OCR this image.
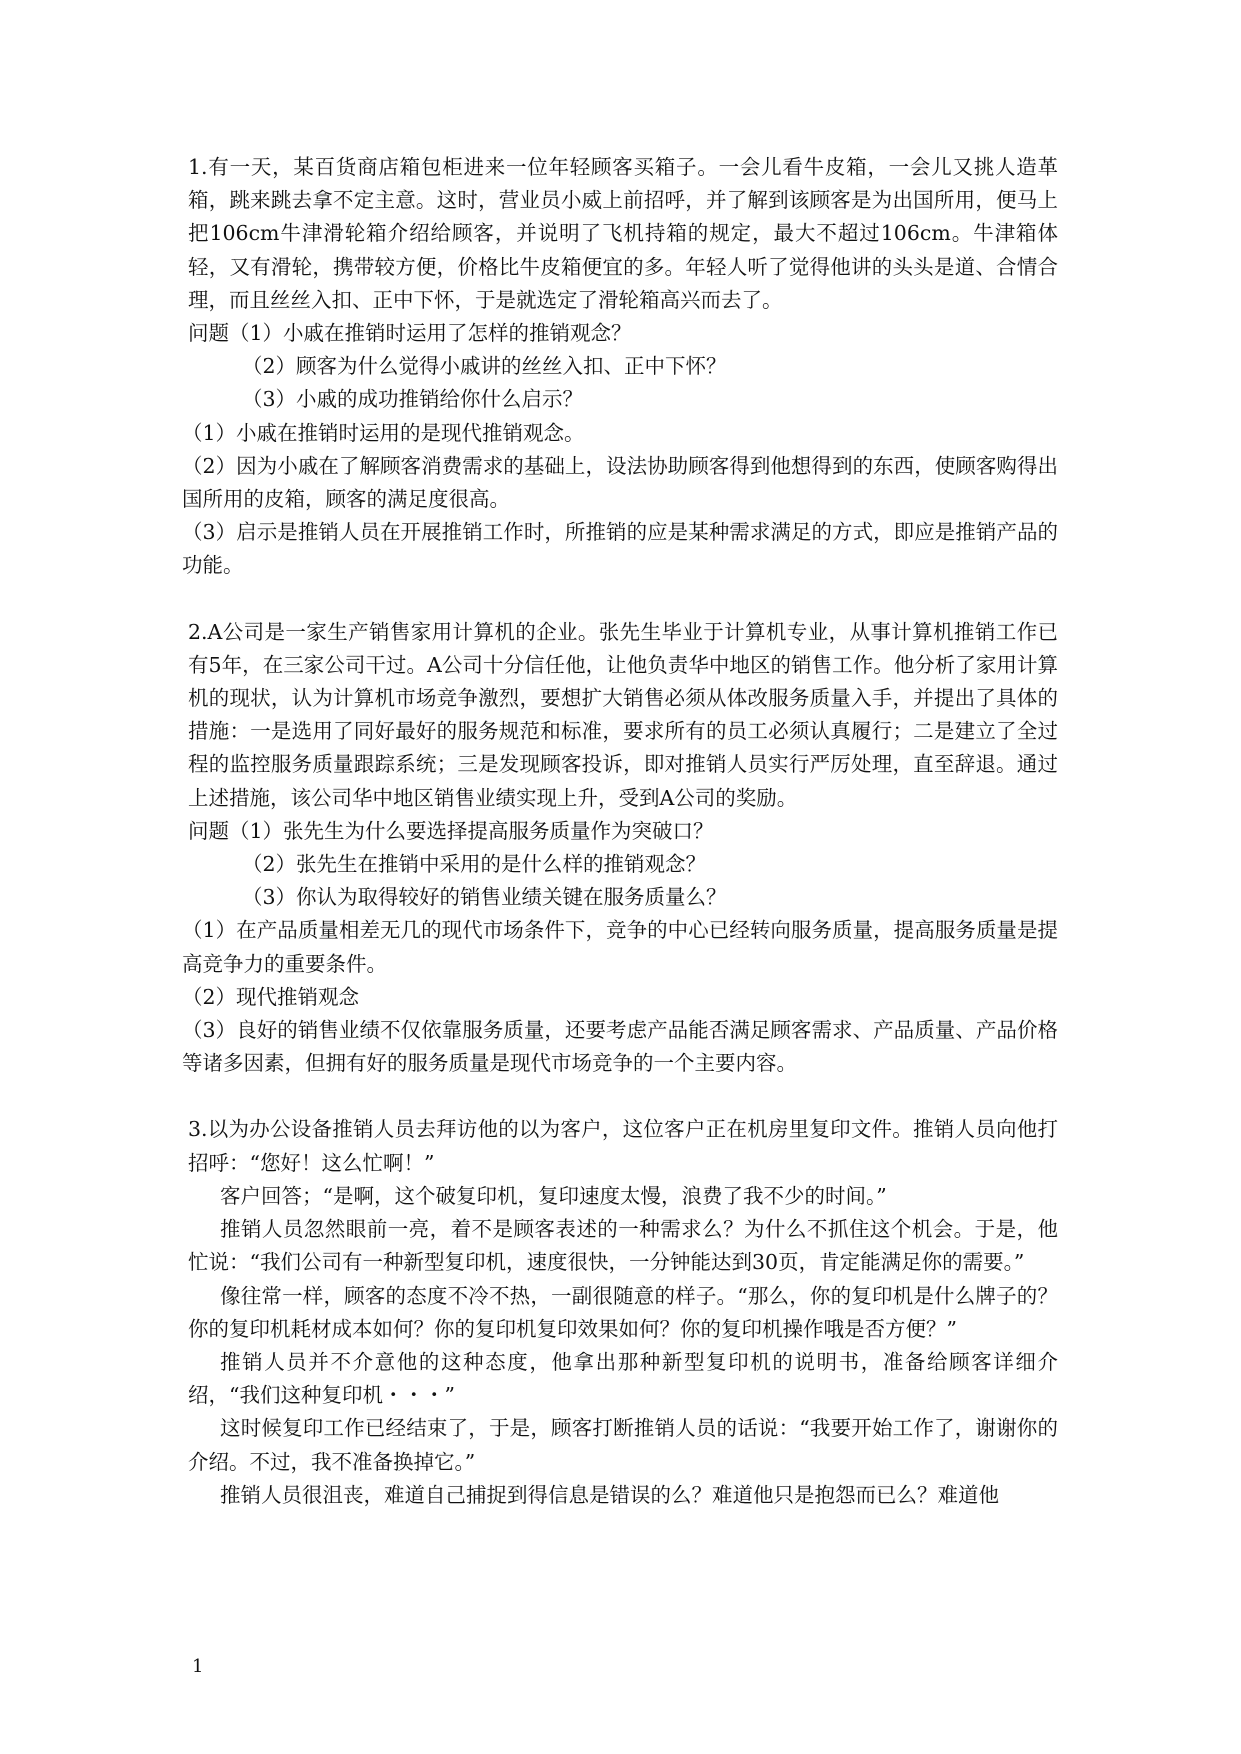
1.有一天，某百货商店箱包柜进来一位年轻顾客买箱子。一会儿看牛皮箱，一会儿又挑人造革箱，跳来跳去拿不定主意。这时，营业员小威上前招呼，并了解到该顾客是为出国所用，便马上把106cm牛津滑轮箱介绍给顾客，并说明了飞机持箱的规定，最大不超过106cm。牛津箱体轻，又有滑轮，携带较方便，价格比牛皮箱便宜的多。年轻人听了觉得他讲的头头是道、合情合理，而且丝丝入扣、正中下怀，于是就选定了滑轮箱高兴而去了。

问题（1）小戚在推销时运用了怎样的推销观念？

（2）顾客为什么觉得小戚讲的丝丝入扣、正中下怀？

（3）小戚的成功推销给你什么启示？

（1）小戚在推销时运用的是现代推销观念。

（2）因为小戚在了解顾客消费需求的基础上，设法协助顾客得到他想得到的东西，使顾客购得出国所用的皮箱，顾客的满足度很高。

（3）启示是推销人员在开展推销工作时，所推销的应是某种需求满足的方式，即应是推销产品的功能。

2.A公司是一家生产销售家用计算机的企业。张先生毕业于计算机专业，从事计算机推销工作已有5年，在三家公司干过。A公司十分信任他，让他负责华中地区的销售工作。他分析了家用计算机的现状，认为计算机市场竞争激烈，要想扩大销售必须从体改服务质量入手，并提出了具体的措施：一是选用了同好最好的服务规范和标准，要求所有的员工必须认真履行；二是建立了全过程的监控服务质量跟踪系统；三是发现顾客投诉，即对推销人员实行严厉处理，直至辞退。通过上述措施，该公司华中地区销售业绩实现上升，受到A公司的奖励。

问题（1）张先生为什么要选择提高服务质量作为突破口？

（2）张先生在推销中采用的是什么样的推销观念？

（3）你认为取得较好的销售业绩关键在服务质量么？

（1）在产品质量相差无几的现代市场条件下，竞争的中心已经转向服务质量，提高服务质量是提高竞争力的重要条件。

（2）现代推销观念

（3）良好的销售业绩不仅依靠服务质量，还要考虑产品能否满足顾客需求、产品质量、产品价格等诸多因素，但拥有好的服务质量是现代市场竞争的一个主要内容。

3.以为办公设备推销人员去拜访他的以为客户，这位客户正在机房里复印文件。推销人员向他打招呼：“您好！这么忙啊！”

客户回答；“是啊，这个破复印机，复印速度太慢，浪费了我不少的时间。”

推销人员忽然眼前一亮，着不是顾客表述的一种需求么？为什么不抓住这个机会。于是，他忙说：“我们公司有一种新型复印机，速度很快，一分钟能达到30页，肯定能满足你的需要。”

像往常一样，顾客的态度不冷不热，一副很随意的样子。“那么，你的复印机是什么牌子的？你的复印机耗材成本如何？你的复印机复印效果如何？你的复印机操作哦是否方便？”

推销人员并不介意他的这种态度，他拿出那种新型复印机的说明书，准备给顾客详细介绍，“我们这种复印机・・・”

这时候复印工作已经结束了，于是，顾客打断推销人员的话说：“我要开始工作了，谢谢你的介绍。不过，我不准备换掉它。”

推销人员很沮丧，难道自己捕捉到得信息是错误的么？难道他只是抱怨而已么？难道他

1
